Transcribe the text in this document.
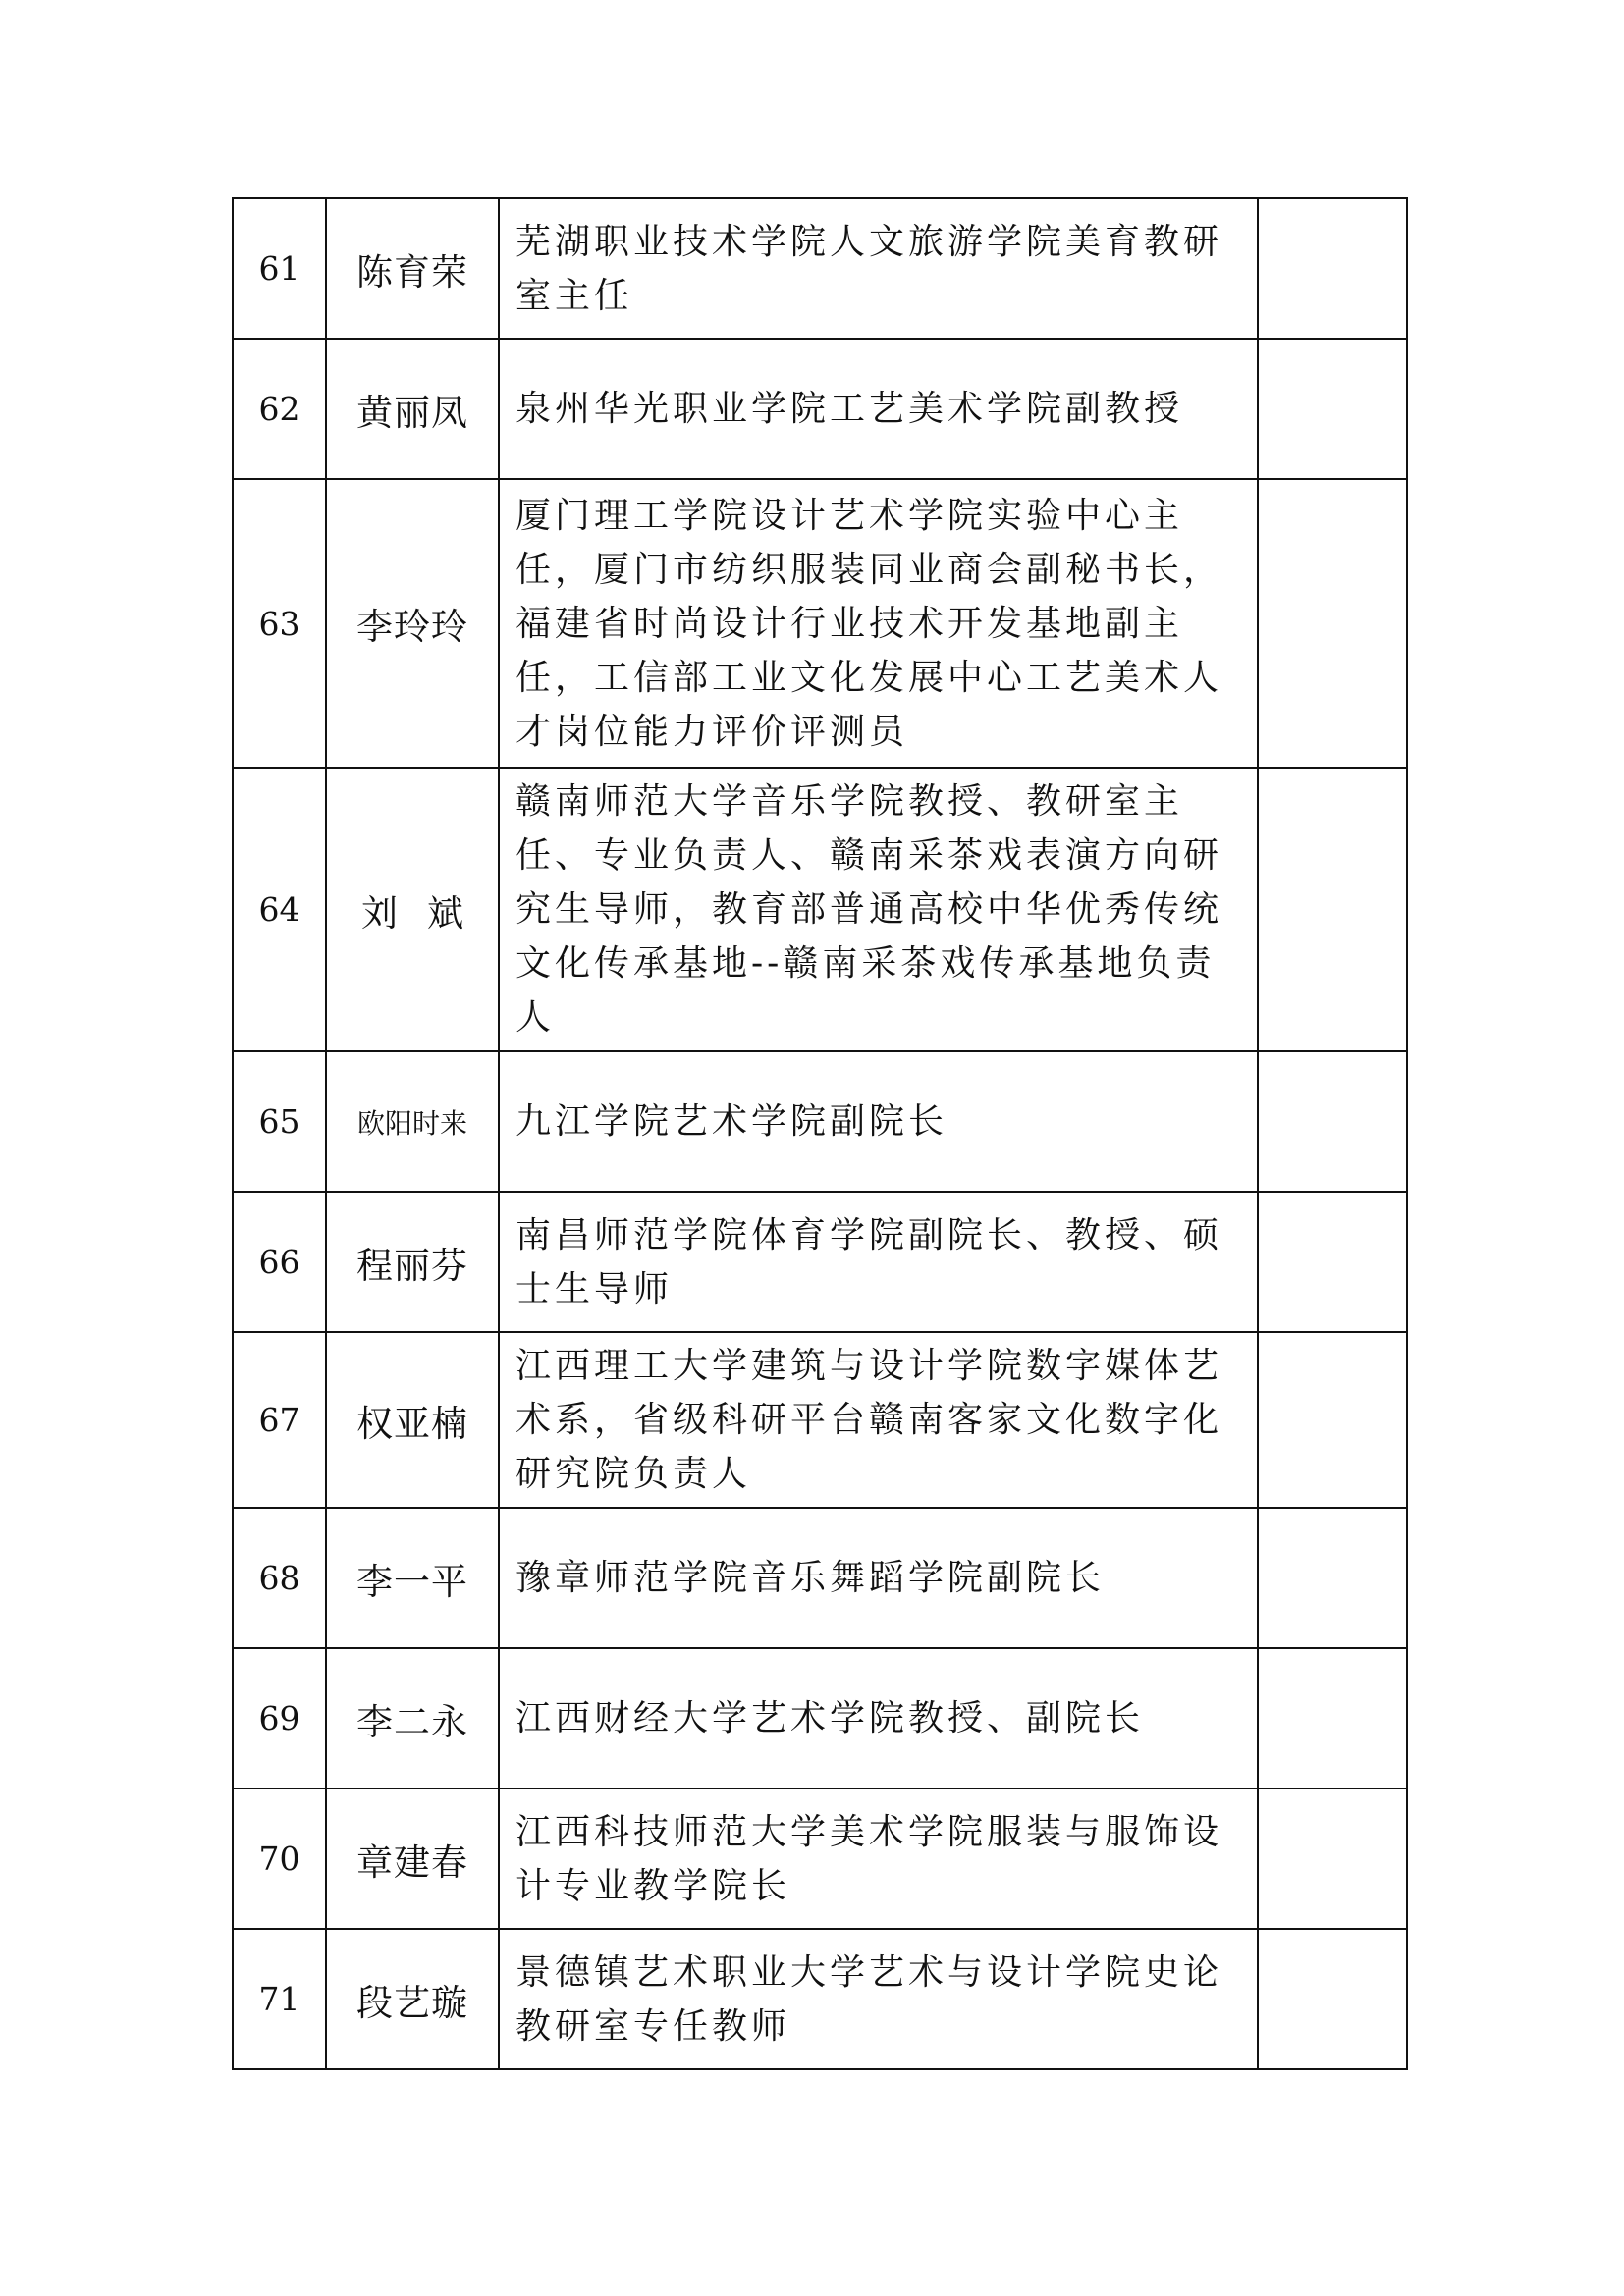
61	陈育荣	芜湖职业技术学院人文旅游学院美育教研室主任	
62	黄丽凤	泉州华光职业学院工艺美术学院副教授	
63	李玲玲	厦门理工学院设计艺术学院实验中心主任，厦门市纺织服装同业商会副秘书长，福建省时尚设计行业技术开发基地副主任，工信部工业文化发展中心工艺美术人才岗位能力评价评测员	
64	刘斌	赣南师范大学音乐学院教授、教研室主任、专业负责人、赣南采茶戏表演方向研究生导师，教育部普通高校中华优秀传统文化传承基地--赣南采茶戏传承基地负责人	
65	欧阳时来	九江学院艺术学院副院长	
66	程丽芬	南昌师范学院体育学院副院长、教授、硕士生导师	
67	权亚楠	江西理工大学建筑与设计学院数字媒体艺术系，省级科研平台赣南客家文化数字化研究院负责人	
68	李一平	豫章师范学院音乐舞蹈学院副院长	
69	李二永	江西财经大学艺术学院教授、副院长	
70	章建春	江西科技师范大学美术学院服装与服饰设计专业教学院长	
71	段艺璇	景德镇艺术职业大学艺术与设计学院史论教研室专任教师	
